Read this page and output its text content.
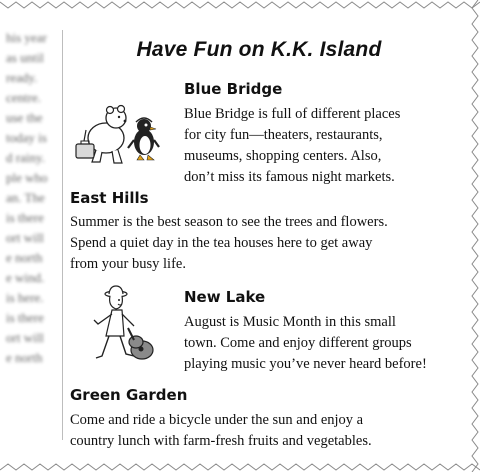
his year
as until
ready.
centre.
use the
today is
d rainy.
ple who
an. The
is there
ort will
e north
e wind.
is here.
is there
ort will
e north
Have Fun on K.K. Island
Blue Bridge
Blue Bridge is full of different places
for city fun—theaters, restaurants,
museums, shopping centers. Also,
don’t miss its famous night markets.
East Hills
Summer is the best season to see the trees and flowers.
Spend a quiet day in the tea houses here to get away
from your busy life.
New Lake
August is Music Month in this small
town. Come and enjoy different groups
playing music you’ve never heard before!
Green Garden
Come and ride a bicycle under the sun and enjoy a
country lunch with farm-fresh fruits and vegetables.
